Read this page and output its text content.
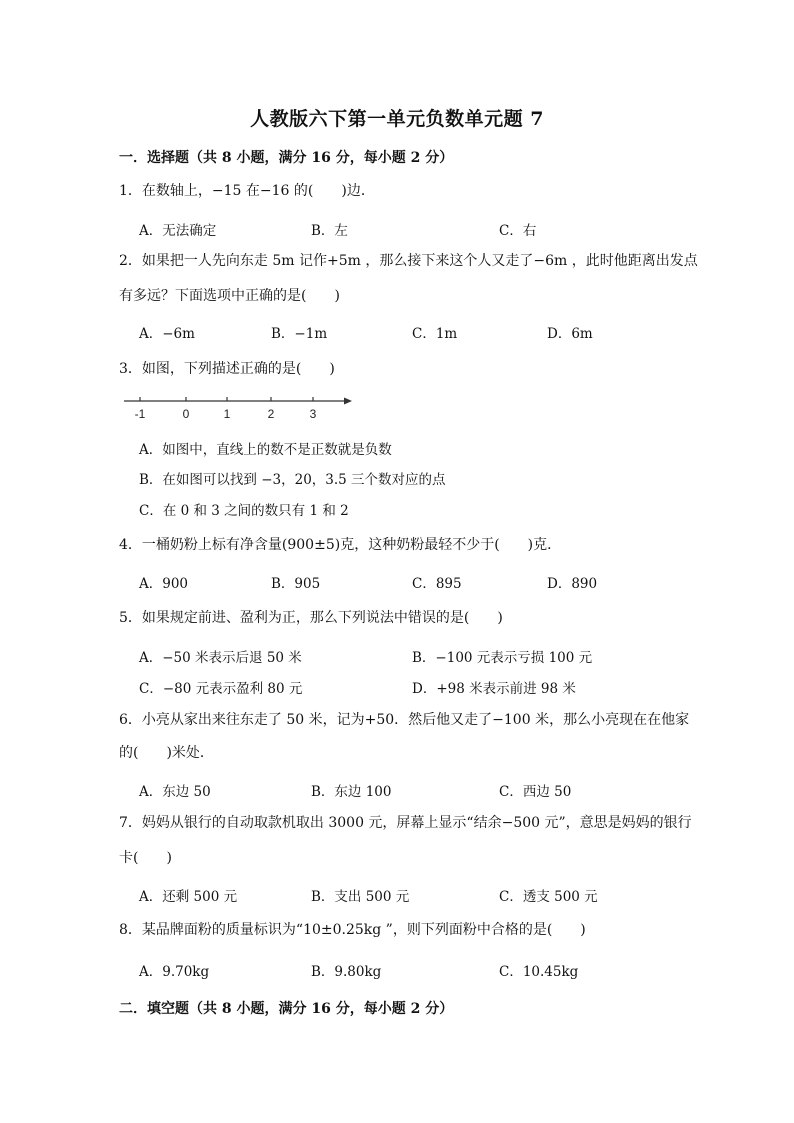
人教版六下第一单元负数单元题 7
一．选择题（共 8 小题，满分 16 分，每小题 2 分）
1．在数轴上，−15 在−16 的(　　)边．
A．无法确定	B．左	C．右
2．如果把一人先向东走 5m 记作+5m ，那么接下来这个人又走了−6m ，此时他距离出发点
有多远？下面选项中正确的是(　　)
A．−6m	B．−1m	C．1m	D．6m
3．如图，下列描述正确的是(　　)
-1	0	1	2	3
A．如图中，直线上的数不是正数就是负数
B．在如图可以找到 −3，20，3.5 三个数对应的点
C．在 0 和 3 之间的数只有 1 和 2
4．一桶奶粉上标有净含量(900±5)克，这种奶粉最轻不少于(　　)克．
A．900	B．905	C．895	D．890
5．如果规定前进、盈利为正，那么下列说法中错误的是(　　)
A．−50 米表示后退 50 米	B．−100 元表示亏损 100 元
C．−80 元表示盈利 80 元	D．+98 米表示前进 98 米
6．小亮从家出来往东走了 50 米，记为+50．然后他又走了−100 米，那么小亮现在在他家
的(　　)米处．
A．东边 50	B．东边 100	C．西边 50
7．妈妈从银行的自动取款机取出 3000 元，屏幕上显示“结余−500 元”，意思是妈妈的银行
卡(　　)
A．还剩 500 元	B．支出 500 元	C．透支 500 元
8．某品牌面粉的质量标识为“10±0.25kg ”，则下列面粉中合格的是(　　)
A．9.70kg	B．9.80kg	C．10.45kg
二．填空题（共 8 小题，满分 16 分，每小题 2 分）
